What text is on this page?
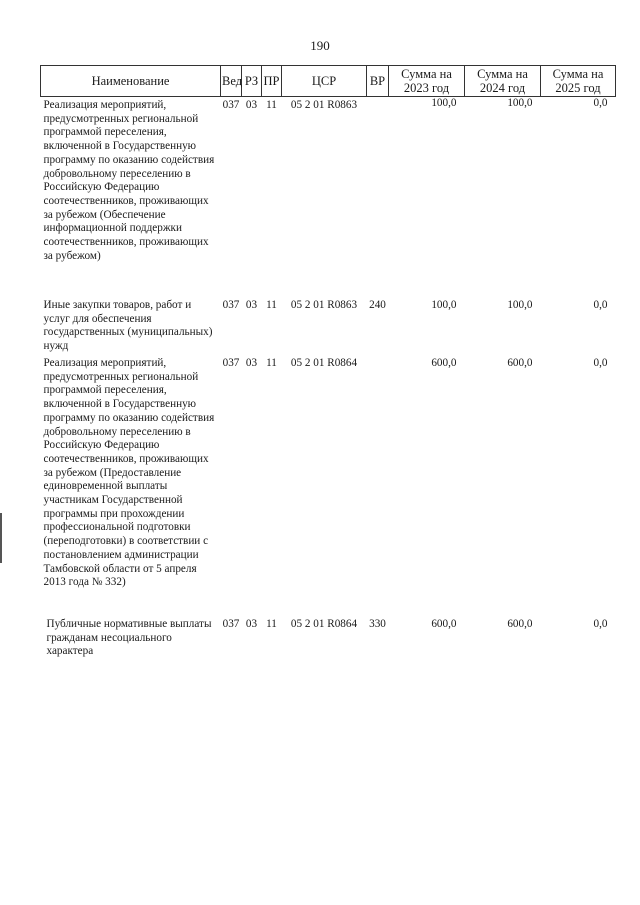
190
Наименование	Вед	РЗ	ПР	ЦСР	ВР	Сумма на 2023 год	Сумма на 2024 год	Сумма на 2025 год
Реализация мероприятий, предусмотренных региональной программой переселения, включенной в Государственную программу по оказанию содействия добровольному переселению в Российскую Федерацию соотечественников, проживающих за рубежом (Обеспечение информационной поддержки соотечественников, проживающих за рубежом)	037	03	11	05 2 01 R0863		100,0	100,0	0,0
Иные закупки товаров, работ и услуг для обеспечения государственных (муниципальных) нужд	037	03	11	05 2 01 R0863	240	100,0	100,0	0,0
Реализация мероприятий, предусмотренных региональной программой переселения, включенной в Государственную программу по оказанию содействия добровольному переселению в Российскую Федерацию соотечественников, проживающих за рубежом (Предоставление единовременной выплаты участникам Государственной программы при прохождении профессиональной подготовки (переподготовки) в соответствии с постановлением администрации Тамбовской области от 5 апреля 2013 года № 332)	037	03	11	05 2 01 R0864		600,0	600,0	0,0
Публичные нормативные выплаты гражданам несоциального характера	037	03	11	05 2 01 R0864	330	600,0	600,0	0,0
